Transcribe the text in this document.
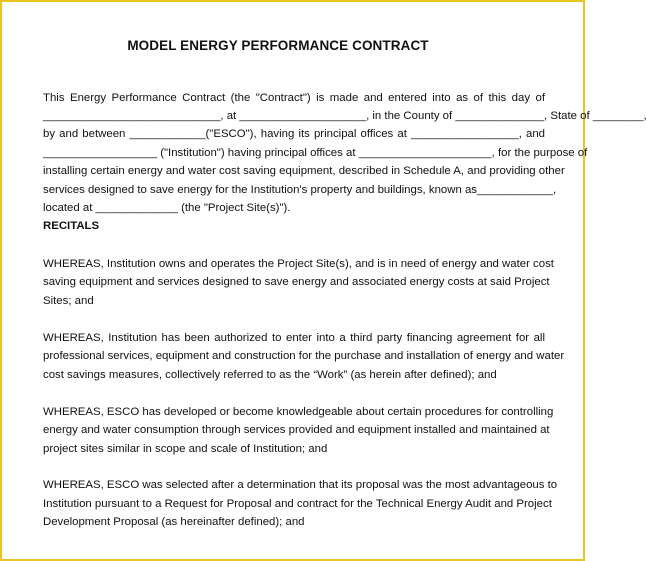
MODEL ENERGY PERFORMANCE CONTRACT
This Energy Performance Contract (the "Contract") is made and entered into as of this day of
____________________________, at ____________________, in the County of ______________, State of ________,
by and between ____________("ESCO"), having its principal offices at _________________, and
__________________ ("Institution") having principal offices at _____________________, for the purpose of
installing certain energy and water cost saving equipment, described in Schedule A, and providing other
services designed to save energy for the Institution's property and buildings, known as____________,
located at _____________ (the "Project Site(s)").
RECITALS
WHEREAS, Institution owns and operates the Project Site(s), and is in need of energy and water cost
saving equipment and services designed to save energy and associated energy costs at said Project
Sites; and
WHEREAS, Institution has been authorized to enter into a third party financing agreement for all
professional services, equipment and construction for the purchase and installation of energy and water
cost savings measures, collectively referred to as the “Work” (as herein after defined); and
WHEREAS, ESCO has developed or become knowledgeable about certain procedures for controlling
energy and water consumption through services provided and equipment installed and maintained at
project sites similar in scope and scale of Institution; and
WHEREAS, ESCO was selected after a determination that its proposal was the most advantageous to
Institution pursuant to a Request for Proposal and contract for the Technical Energy Audit and Project
Development Proposal (as hereinafter defined); and
